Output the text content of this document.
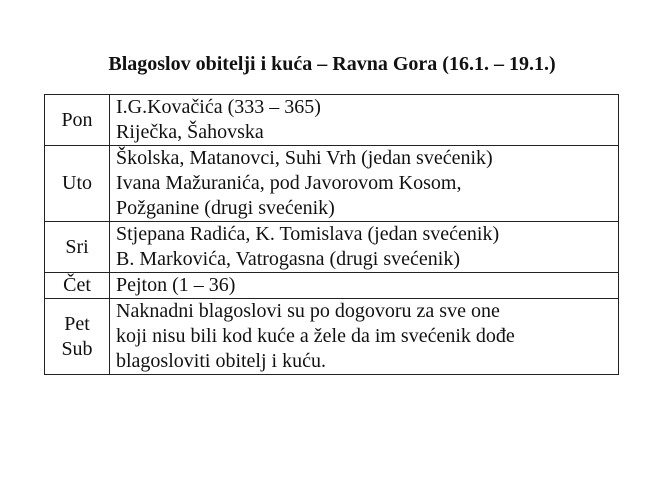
Blagoslov obitelji i kuća – Ravna Gora (16.1. – 19.1.)
Pon	I.G.Kovačića (333 – 365)
Riječka, Šahovska

Uto	Školska, Matanovci, Suhi Vrh (jedan svećenik)
Ivana Mažuranića, pod Javorovom Kosom,
Požganine (drugi svećenik)

Sri	Stjepana Radića, K. Tomislava (jedan svećenik)
B. Markovića, Vatrogasna (drugi svećenik)

Čet	Pejton (1 – 36)

Pet
Sub	Naknadni blagoslovi su po dogovoru za sve one
koji nisu bili kod kuće a žele da im svećenik dođe
blagosloviti obitelj i kuću.
